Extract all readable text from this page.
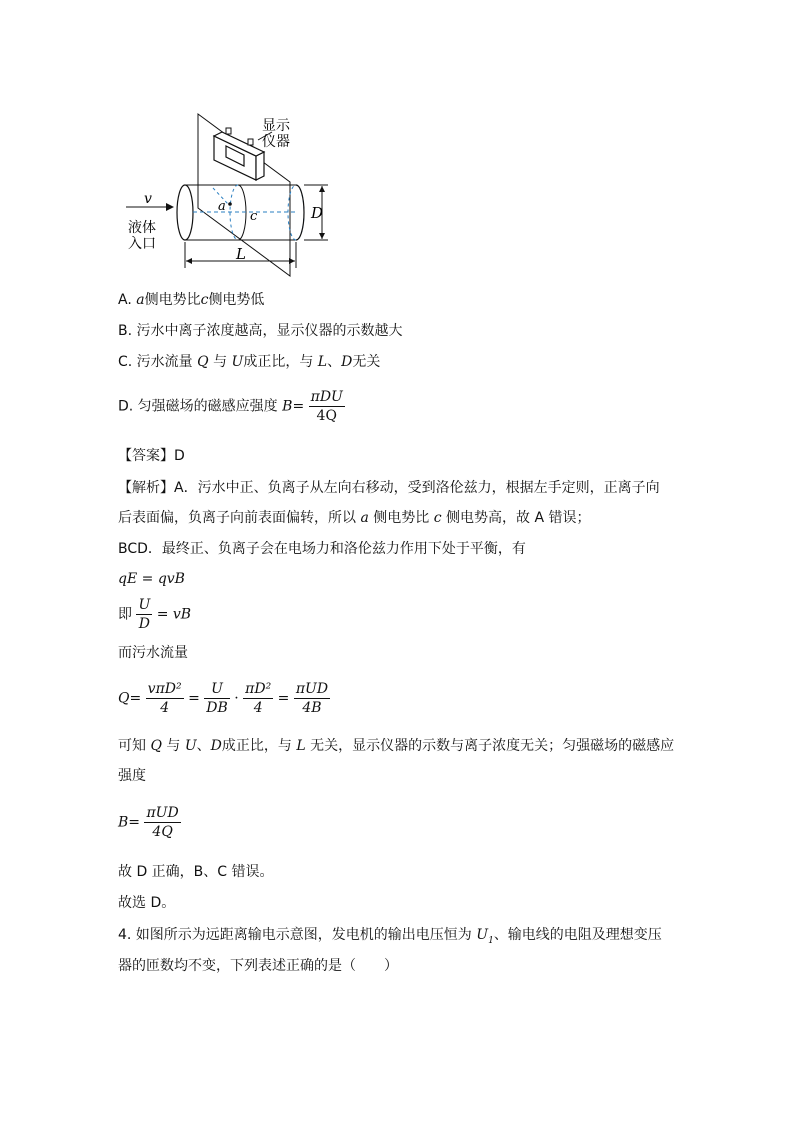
显示
仪器
a
c
v
液体
入口
D
L
A. a侧电势比c侧电势低
B. 污水中离子浓度越高，显示仪器的示数越大
C. 污水流量 Q 与 U成正比，与 L、D无关
D. 匀强磁场的磁感应强度 $B= \frac{\text{πDU}}{4Q}$
【答案】D
【解析】A．污水中正、负离子从左向右移动，受到洛伦兹力，根据左手定则，正离子向
后表面偏，负离子向前表面偏转，所以 a 侧电势比 c 侧电势高，故 A 错误；
BCD．最终正、负离子会在电场力和洛伦兹力作用下处于平衡，有
qE = qvB
即 $\frac{U}{D}$ = vB
而污水流量
$Q= \frac{\text{vπD²}}{4} = \frac{U}{DB} \cdot \frac{\text{πD²}}{4} = \frac{\text{πUD}}{4B}$
可知 Q 与 U、D成正比，与 L 无关，显示仪器的示数与离子浓度无关；匀强磁场的磁感应
强度
$B= \frac{\text{πUD}}{4Q}$
故 D 正确，B、C 错误。
故选 D。
4. 如图所示为远距离输电示意图，发电机的输出电压恒为 $U_1$、输电线的电阻及理想变压
器的匝数均不变，下列表述正确的是（　　）
